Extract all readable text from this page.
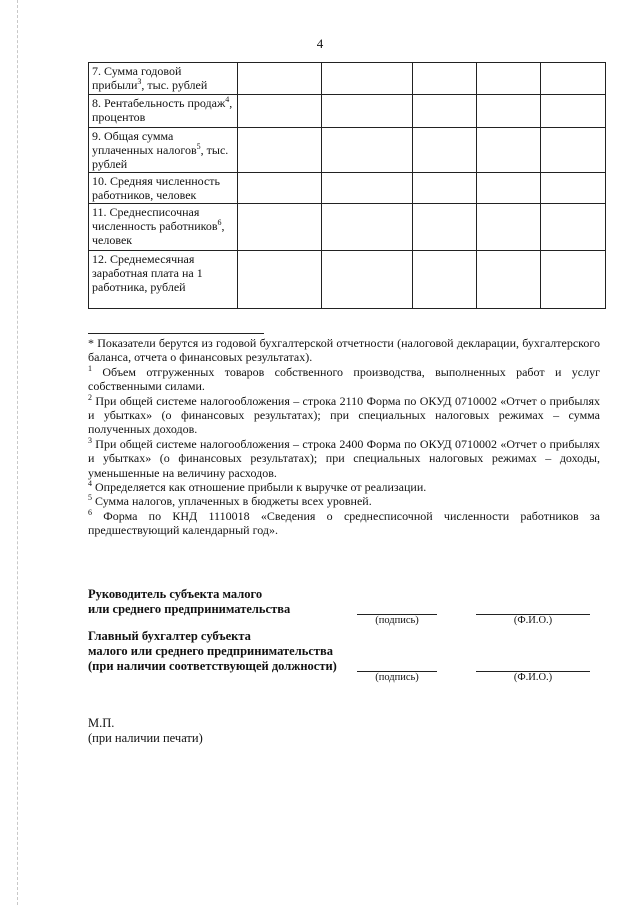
4
7. Сумма годовой прибыли$^3$, тыс. рублей					
8. Рентабельность продаж$^4$, процентов					
9. Общая сумма уплаченных налогов$^5$, тыс. рублей					
10. Средняя численность работников, человек					
11. Среднесписочная численность работников$^6$, человек					
12. Среднемесячная заработная плата на 1 работника, рублей					

* Показатели берутся из годовой бухгалтерской отчетности (налоговой декларации, бухгалтерского баланса, отчета о финансовых результатах).

$^1$ Объем отгруженных товаров собственного производства, выполненных работ и услуг собственными силами.

$^2$ При общей системе налогообложения – строка 2110 Форма по ОКУД 0710002 «Отчет о прибылях и убытках» (о финансовых результатах); при специальных налоговых режимах – сумма полученных доходов.

$^3$ При общей системе налогообложения – строка 2400 Форма по ОКУД 0710002 «Отчет о прибылях и убытках» (о финансовых результатах); при специальных налоговых режимах – доходы, уменьшенные на величину расходов.

$^4$ Определяется как отношение прибыли к выручке от реализации.

$^5$ Сумма налогов, уплаченных в бюджеты всех уровней.

$^6$ Форма по КНД 1110018 «Сведения о среднесписочной численности работников за предшествующий календарный год».

Руководитель субъекта малого
или среднего предпринимательства
(подпись)	(Ф.И.О.)
Главный бухгалтер субъекта
малого или среднего предпринимательства
(при наличии соответствующей должности)
(подпись)	(Ф.И.О.)
М.П.
(при наличии печати)
